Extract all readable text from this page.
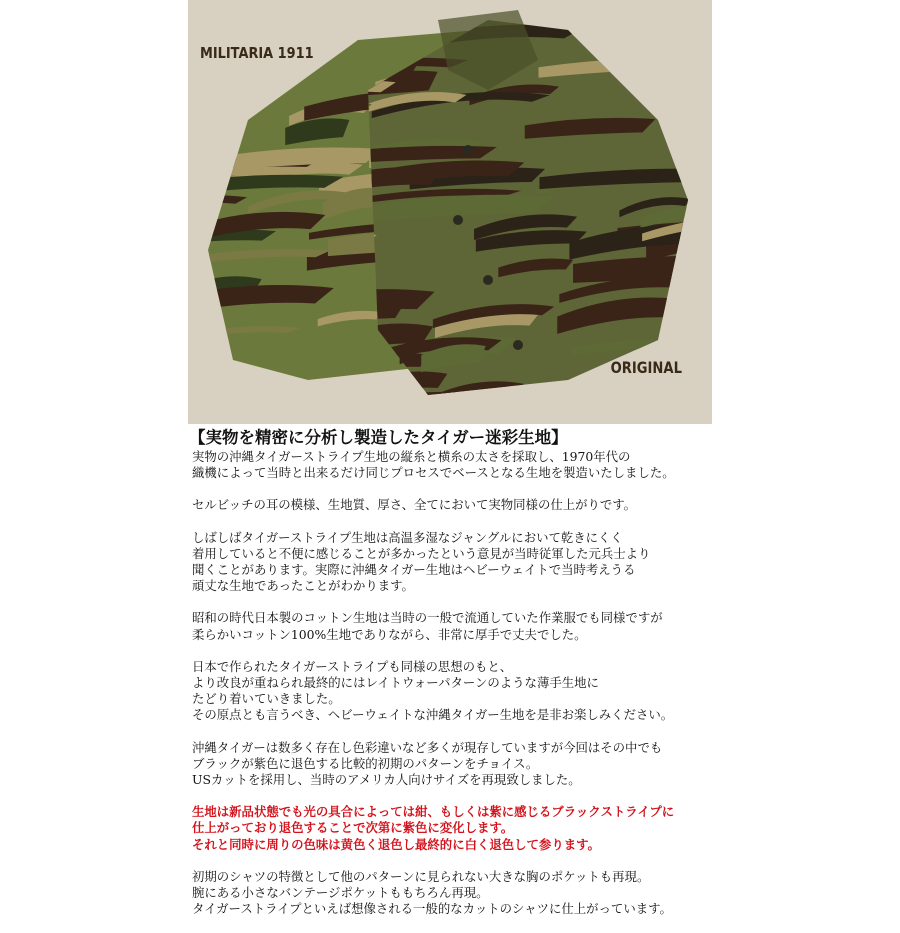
MILITARIA 1911
ORIGINAL
【実物を精密に分析し製造したタイガー迷彩生地】
実物の沖縄タイガーストライプ生地の縦糸と横糸の太さを採取し、1970年代の
織機によって当時と出来るだけ同じプロセスでベースとなる生地を製造いたしました。
セルビッチの耳の模様、生地質、厚さ、全てにおいて実物同様の仕上がりです。
しばしばタイガーストライプ生地は高温多湿なジャングルにおいて乾きにくく
着用していると不便に感じることが多かったという意見が当時従軍した元兵士より
聞くことがあります。実際に沖縄タイガー生地はヘビーウェイトで当時考えうる
頑丈な生地であったことがわかります。
昭和の時代日本製のコットン生地は当時の一般で流通していた作業服でも同様ですが
柔らかいコットン100%生地でありながら、非常に厚手で丈夫でした。
日本で作られたタイガーストライプも同様の思想のもと、
より改良が重ねられ最終的にはレイトウォーパターンのような薄手生地に
たどり着いていきました。
その原点とも言うべき、ヘビーウェイトな沖縄タイガー生地を是非お楽しみください。
沖縄タイガーは数多く存在し色彩違いなど多くが現存していますが今回はその中でも
ブラックが紫色に退色する比較的初期のパターンをチョイス。
USカットを採用し、当時のアメリカ人向けサイズを再現致しました。
生地は新品状態でも光の具合によっては紺、もしくは紫に感じるブラックストライプに
仕上がっており退色することで次第に紫色に変化します。
それと同時に周りの色味は黄色く退色し最終的に白く退色して参ります。
初期のシャツの特徴として他のパターンに見られない大きな胸のポケットも再現。
腕にある小さなバンテージポケットももちろん再現。
タイガーストライプといえば想像される一般的なカットのシャツに仕上がっています。
